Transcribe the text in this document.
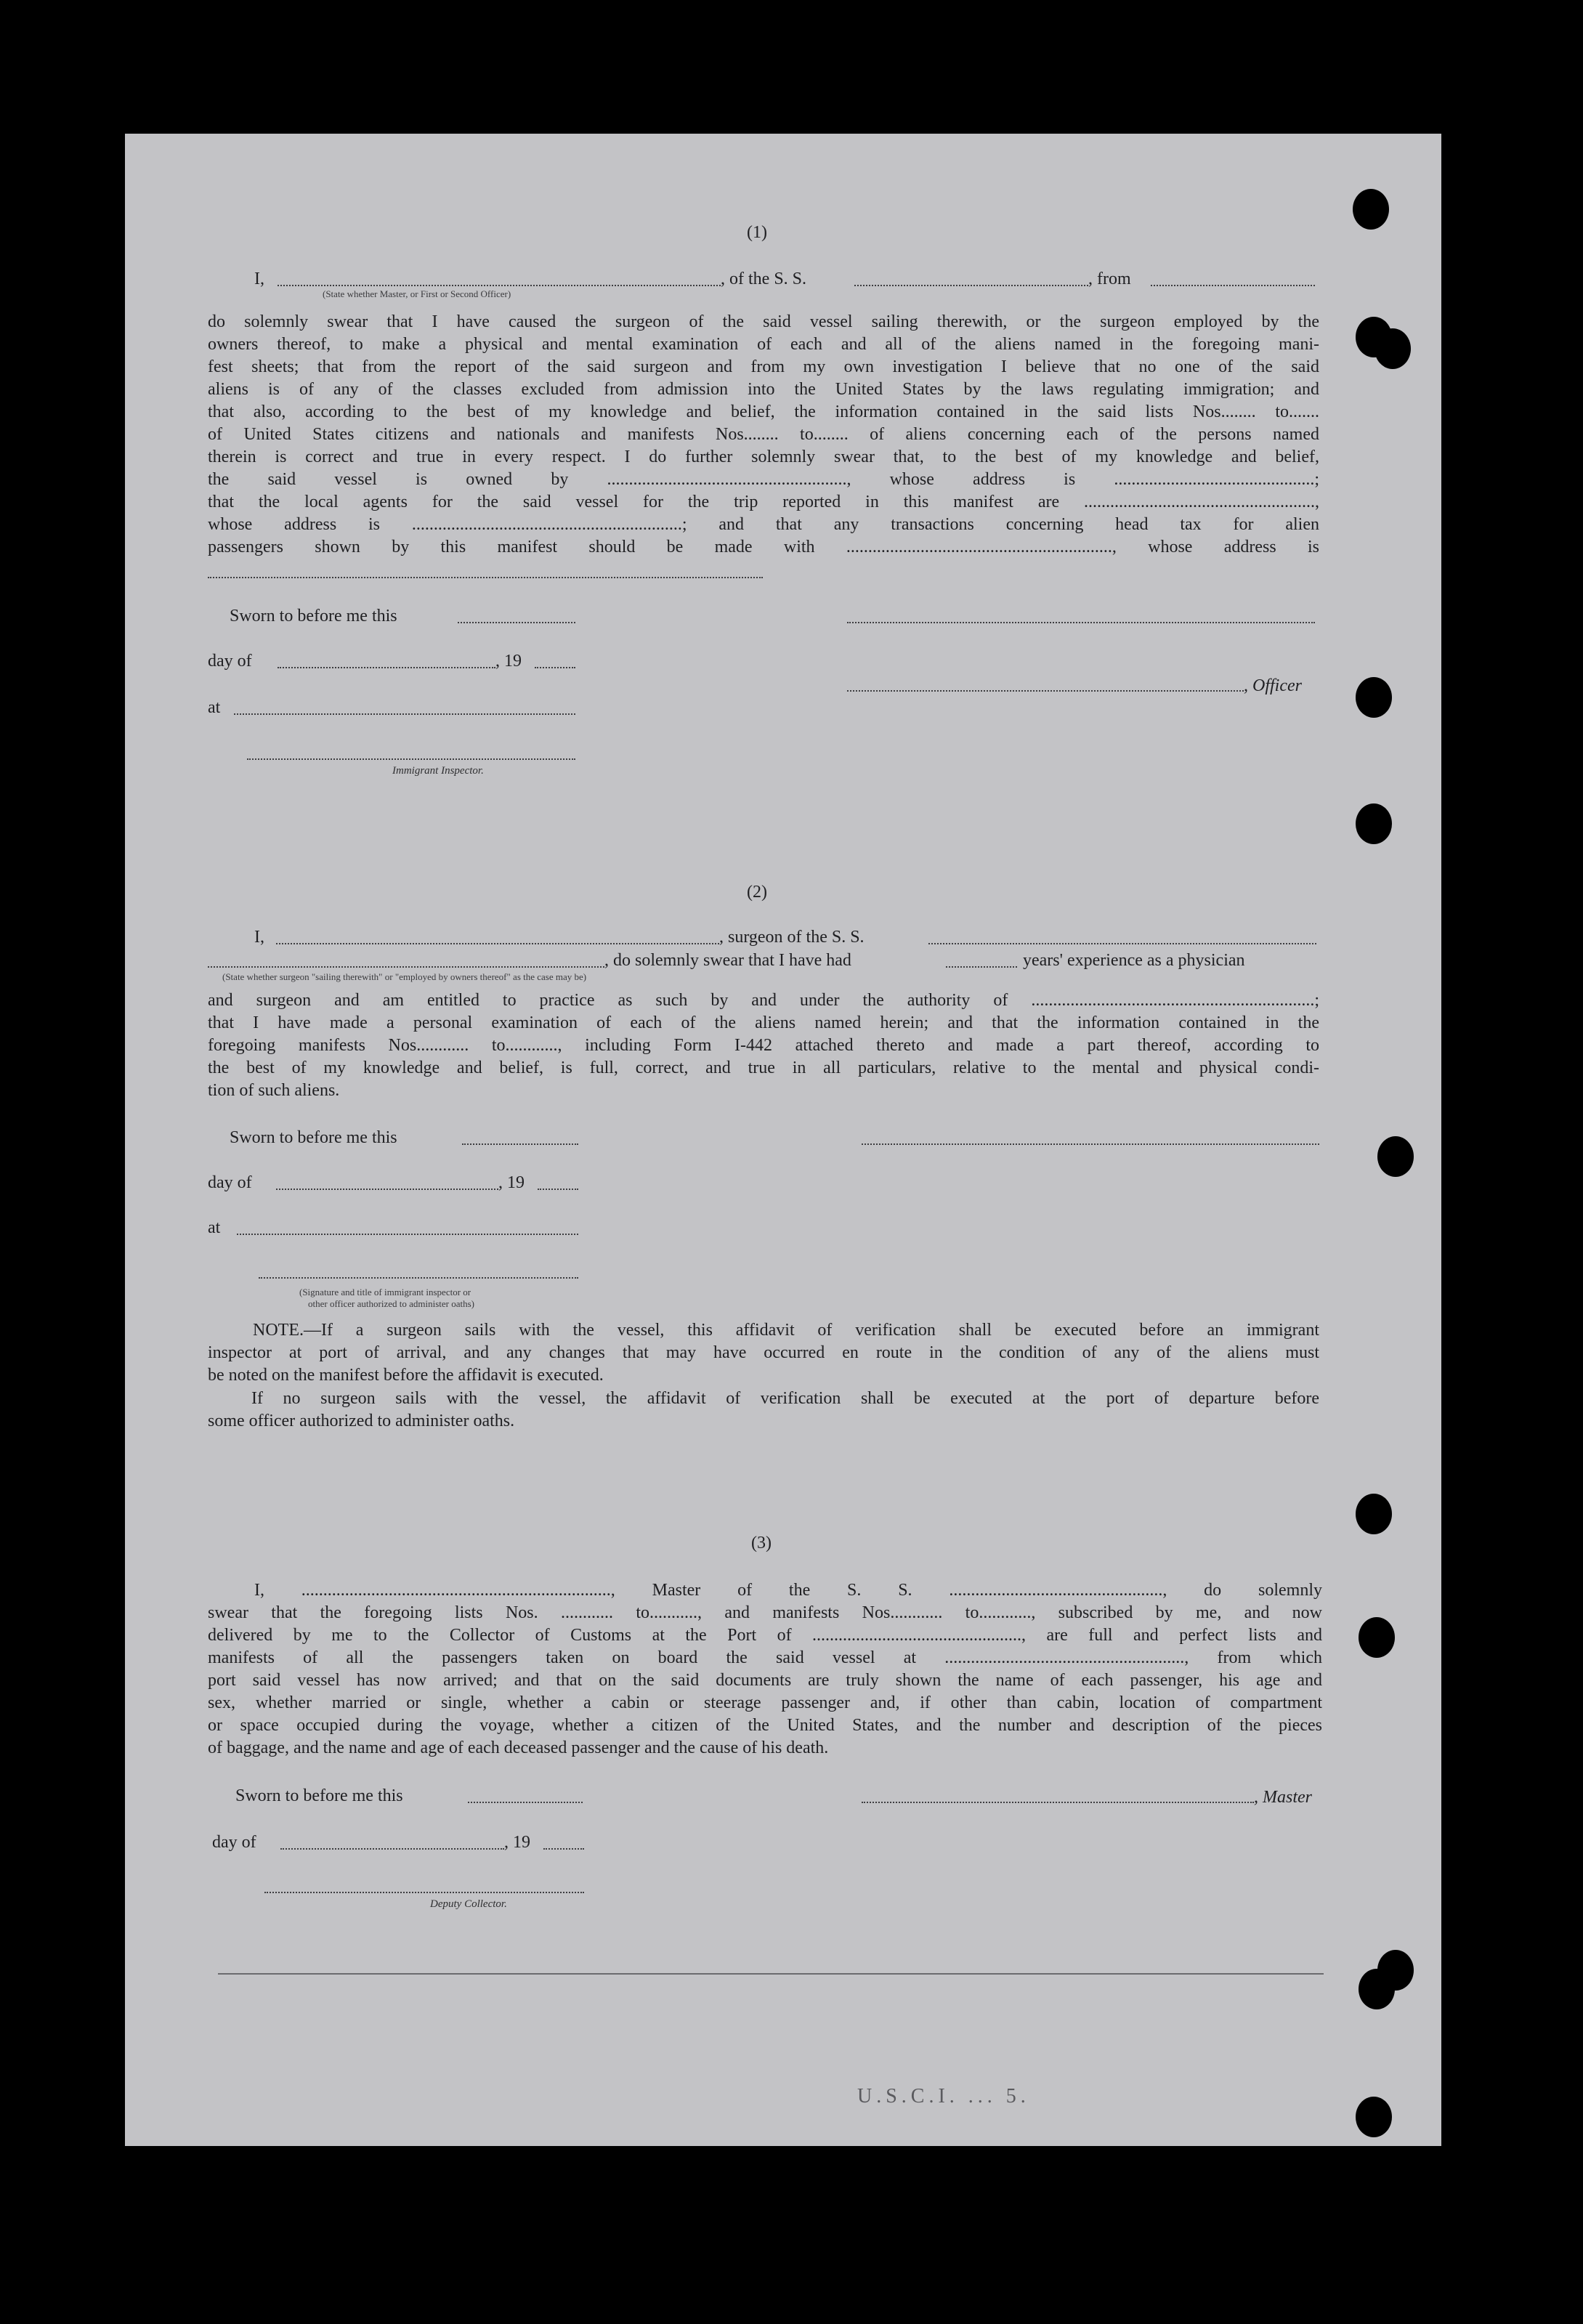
(1)
I,	, of the S. S.	, from
(State whether Master, or First or Second Officer)
do solemnly swear that I have caused the surgeon of the said vessel sailing therewith, or the surgeon employed by the
owners thereof, to make a physical and mental examination of each and all of the aliens named in the foregoing mani-
fest sheets; that from the report of the said surgeon and from my own investigation I believe that no one of the said
aliens is of any of the classes excluded from admission into the United States by the laws regulating immigration; and
that also, according to the best of my knowledge and belief, the information contained in the said lists Nos........ to.......
of United States citizens and nationals and manifests Nos........ to........ of aliens concerning each of the persons named
therein is correct and true in every respect. I do further solemnly swear that, to the best of my knowledge and belief,
the said vessel is owned by ......................................................., whose address is ..............................................;
that the local agents for the said vessel for the trip reported in this manifest are .....................................................,
whose address is ..............................................................; and that any transactions concerning head tax for alien
passengers shown by this manifest should be made with ............................................................., whose address is
Sworn to before me this
day of	, 19
at
, Officer
Immigrant Inspector.
(2)
I,	, surgeon of the S. S.
, do solemnly swear that I have had	years' experience as a physician
(State whether surgeon "sailing therewith" or "employed by owners thereof" as the case may be)
and surgeon and am entitled to practice as such by and under the authority of .................................................................;
that I have made a personal examination of each of the aliens named herein; and that the information contained in the
foregoing manifests Nos............ to............, including Form I-442 attached thereto and made a part thereof, according to
the best of my knowledge and belief, is full, correct, and true in all particulars, relative to the mental and physical condi-
tion of such aliens.
Sworn to before me this
day of	, 19
at
(Signature and title of immigrant inspector or
other officer authorized to administer oaths)
NOTE.—If a surgeon sails with the vessel, this affidavit of verification shall be executed before an immigrant
inspector at port of arrival, and any changes that may have occurred en route in the condition of any of the aliens must
be noted on the manifest before the affidavit is executed.
If no surgeon sails with the vessel, the affidavit of verification shall be executed at the port of departure before
some officer authorized to administer oaths.
(3)
I, ......................................................................., Master of the S. S. ................................................., do solemnly
swear that the foregoing lists Nos. ............ to..........., and manifests Nos............ to............, subscribed by me, and now
delivered by me to the Collector of Customs at the Port of ................................................, are full and perfect lists and
manifests of all the passengers taken on board the said vessel at ......................................................., from which
port said vessel has now arrived; and that on the said documents are truly shown the name of each passenger, his age and
sex, whether married or single, whether a cabin or steerage passenger and, if other than cabin, location of compartment
or space occupied during the voyage, whether a citizen of the United States, and the number and description of the pieces
of baggage, and the name and age of each deceased passenger and the cause of his death.
Sworn to before me this	, Master
day of	, 19
Deputy Collector.
U.S.C.I. ... 5.
